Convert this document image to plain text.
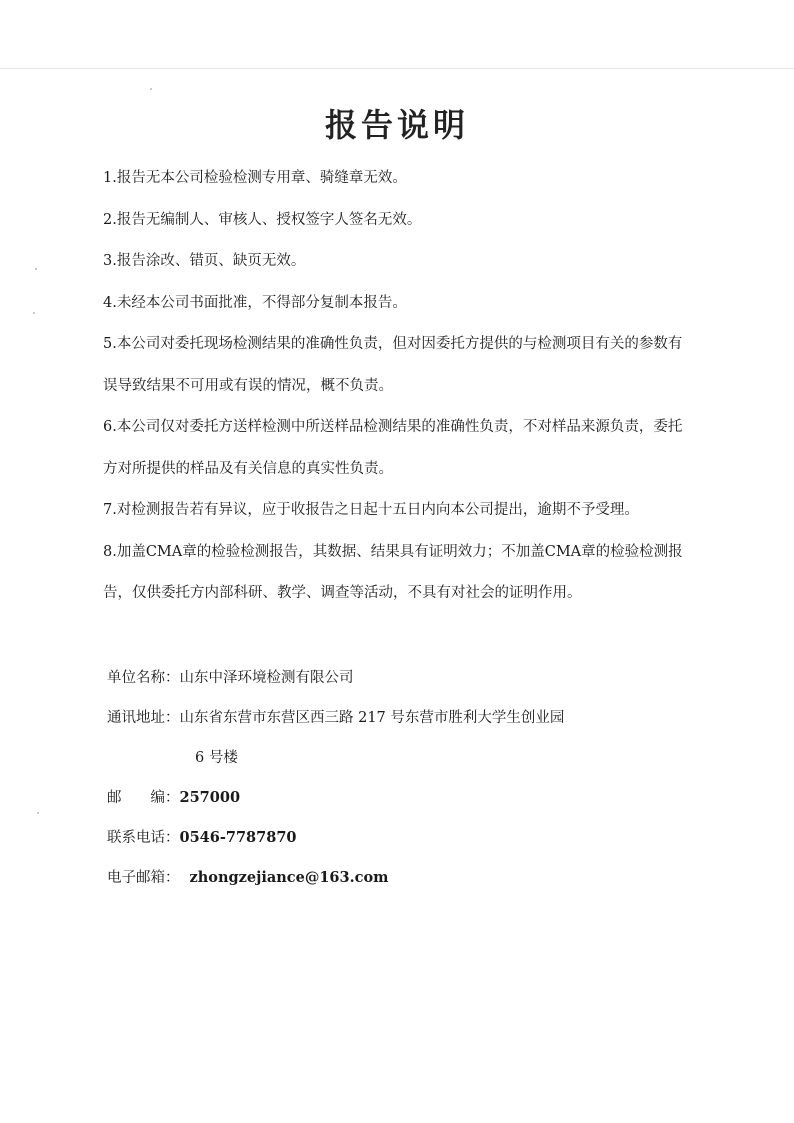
报告说明
1.报告无本公司检验检测专用章、骑缝章无效。
2.报告无编制人、审核人、授权签字人签名无效。
3.报告涂改、错页、缺页无效。
4.未经本公司书面批准，不得部分复制本报告。
5.本公司对委托现场检测结果的准确性负责，但对因委托方提供的与检测项目有关的参数有误导致结果不可用或有误的情况，概不负责。
6.本公司仅对委托方送样检测中所送样品检测结果的准确性负责，不对样品来源负责，委托方对所提供的样品及有关信息的真实性负责。
7.对检测报告若有异议，应于收报告之日起十五日内向本公司提出，逾期不予受理。
8.加盖CMA章的检验检测报告，其数据、结果具有证明效力；不加盖CMA章的检验检测报告，仅供委托方内部科研、教学、调查等活动，不具有对社会的证明作用。
单位名称：山东中泽环境检测有限公司
通讯地址：山东省东营市东营区西三路 217 号东营市胜利大学生创业园
6 号楼
邮　　编：257000
联系电话：0546-7787870
电子邮箱： zhongzejiance@163.com
